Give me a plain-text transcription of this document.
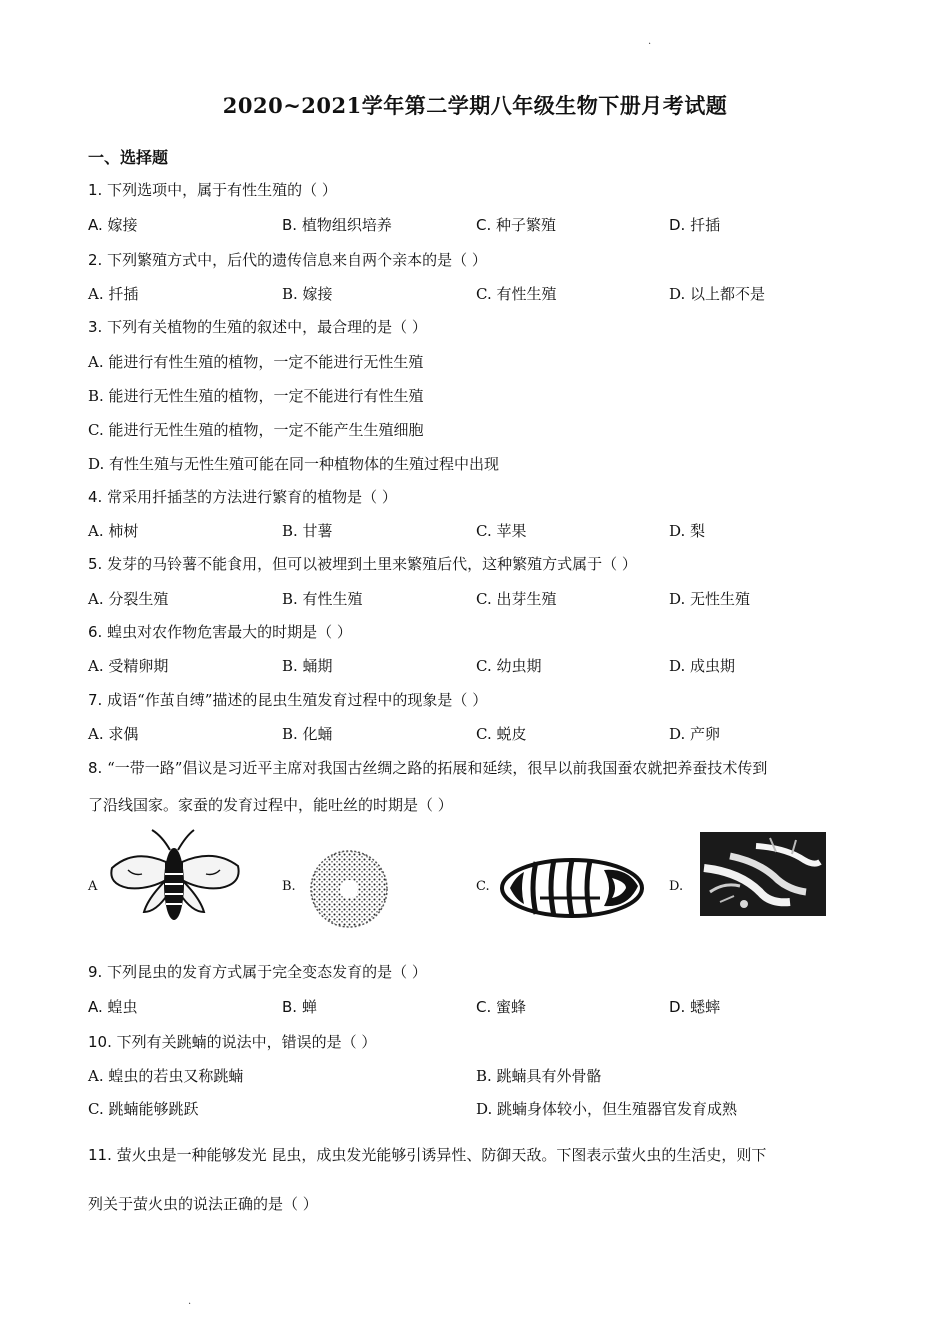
.
2020~2021学年第二学期八年级生物下册月考试题
一、选择题
1. 下列选项中，属于有性生殖的（ ）
A. 嫁接	B. 植物组织培养	C. 种子繁殖	D. 扦插
2. 下列繁殖方式中，后代的遗传信息来自两个亲本的是（ ）
A. 扦插	B. 嫁接	C. 有性生殖	D. 以上都不是
3. 下列有关植物的生殖的叙述中，最合理的是（ ）
A. 能进行有性生殖的植物，一定不能进行无性生殖
B. 能进行无性生殖的植物，一定不能进行有性生殖
C. 能进行无性生殖的植物，一定不能产生生殖细胞
D. 有性生殖与无性生殖可能在同一种植物体的生殖过程中出现
4. 常采用扦插茎的方法进行繁育的植物是（ ）
A. 柿树	B. 甘薯	C. 苹果	D. 梨
5. 发芽的马铃薯不能食用，但可以被埋到土里来繁殖后代，这种繁殖方式属于（ ）
A. 分裂生殖	B. 有性生殖	C. 出芽生殖	D. 无性生殖
6. 蝗虫对农作物危害最大的时期是（ ）
A. 受精卵期	B. 蛹期	C. 幼虫期	D. 成虫期
7. 成语“作茧自缚”描述的昆虫生殖发育过程中的现象是（ ）
A. 求偶	B. 化蛹	C. 蜕皮	D. 产卵
8. “一带一路”倡议是习近平主席对我国古丝绸之路的拓展和延续，很早以前我国蚕农就把养蚕技术传到
了沿线国家。家蚕的发育过程中，能吐丝的时期是（ ）
A	B.	C.	D.
9. 下列昆虫的发育方式属于完全变态发育的是（ ）
A. 蝗虫	B. 蝉	C. 蜜蜂	D. 蟋蟀
10. 下列有关跳蝻的说法中，错误的是（ ）
A. 蝗虫的若虫又称跳蝻	B. 跳蝻具有外骨骼
C. 跳蝻能够跳跃	D. 跳蝻身体较小，但生殖器官发育成熟
11. 萤火虫是一种能够发光 昆虫，成虫发光能够引诱异性、防御天敌。下图表示萤火虫的生活史，则下
列关于萤火虫的说法正确的是（ ）
.
